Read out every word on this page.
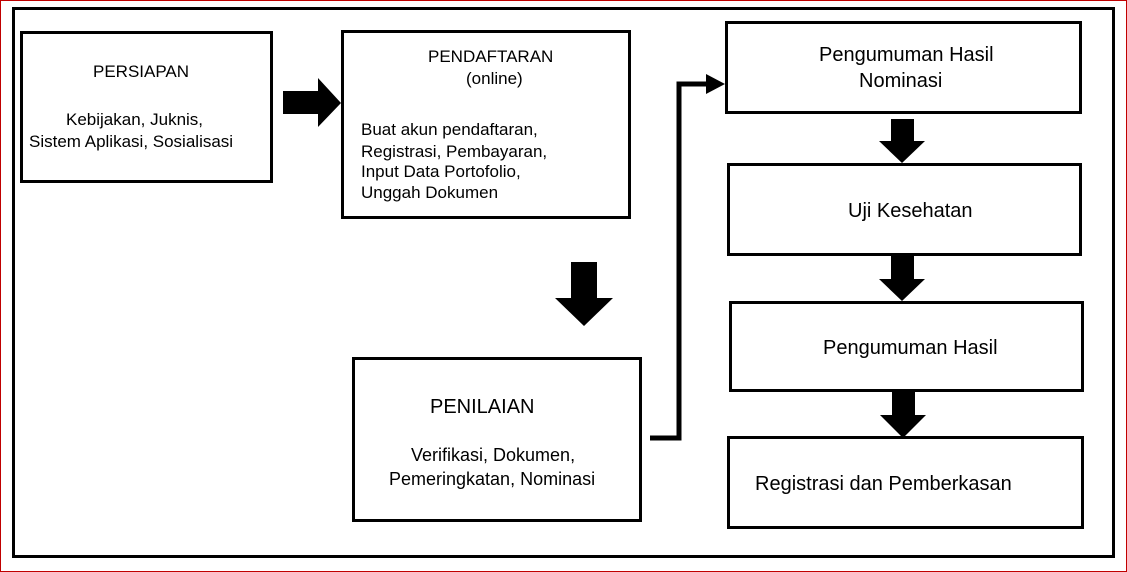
PERSIAPAN
Kebijakan, Juknis,
Sistem Aplikasi, Sosialisasi
PENDAFTARAN
(online)
Buat akun pendaftaran,
Registrasi, Pembayaran,
Input Data Portofolio,
Unggah Dokumen
PENILAIAN
Verifikasi, Dokumen,
Pemeringkatan, Nominasi
Pengumuman Hasil
Nominasi
Uji Kesehatan
Pengumuman Hasil
Registrasi dan Pemberkasan
